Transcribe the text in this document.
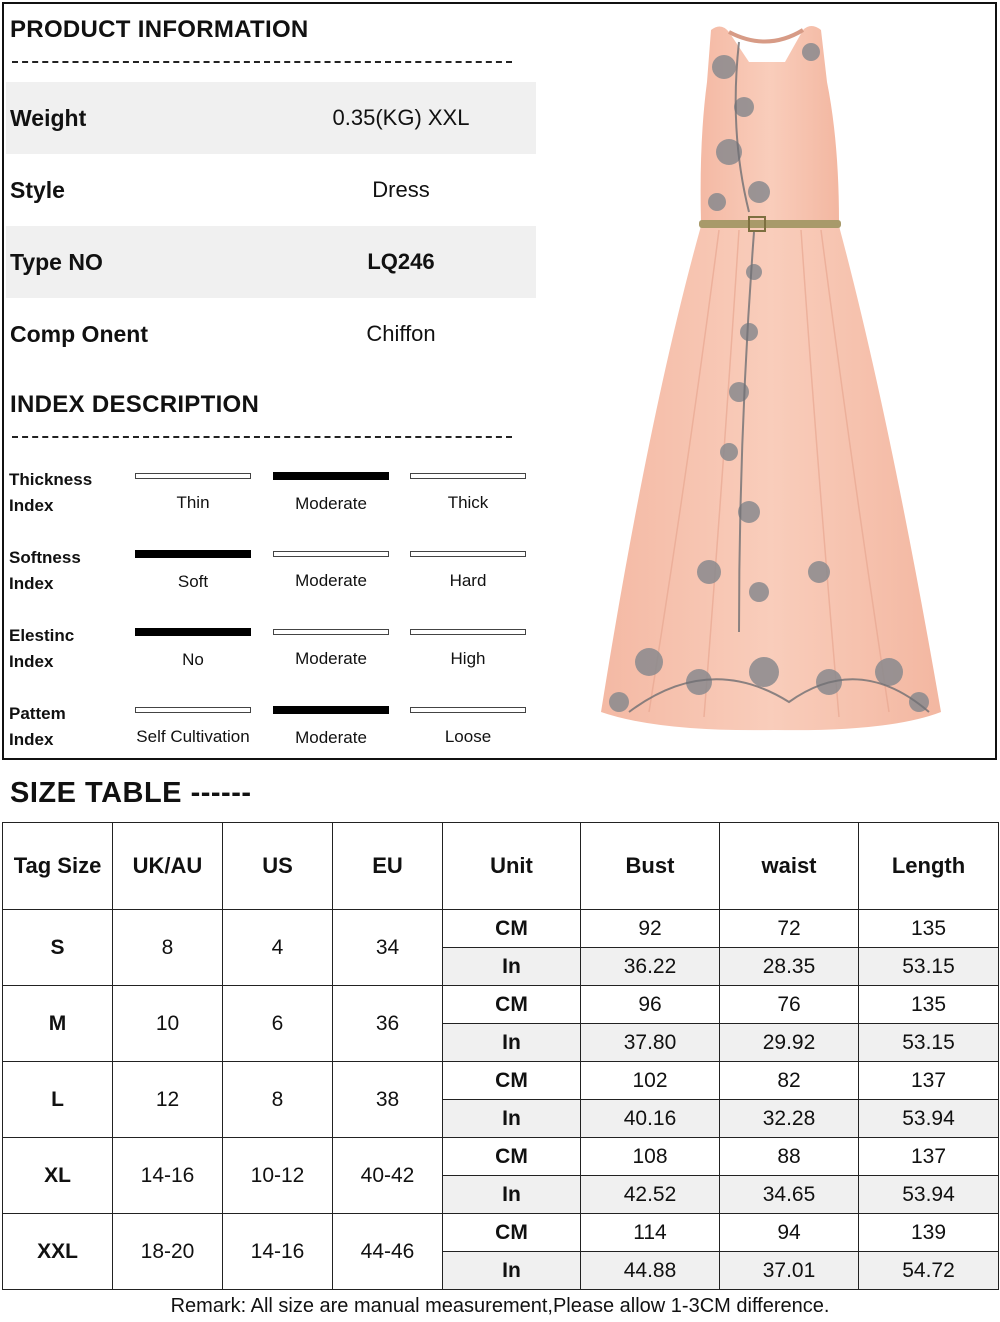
PRODUCT INFORMATION
Weight	0.35(KG) XXL
Style	Dress
Type NO	LQ246
Comp Onent	Chiffon
INDEX DESCRIPTION
Thickness
Index	Thin	Moderate	Thick
Softness
Index	Soft	Moderate	Hard
Elestinc
Index	No	Moderate	High
Pattem
Index	Self Cultivation	Moderate	Loose
SIZE TABLE ------
Tag Size	UK/AU	US	EU	Unit	Bust	waist	Length
S	8	4	34	CM	92	72	135
				In	36.22	28.35	53.15
M	10	6	36	CM	96	76	135
				In	37.80	29.92	53.15
L	12	8	38	CM	102	82	137
				In	40.16	32.28	53.94
XL	14-16	10-12	40-42	CM	108	88	137
				In	42.52	34.65	53.94
XXL	18-20	14-16	44-46	CM	114	94	139
				In	44.88	37.01	54.72
Remark: All size are manual measurement,Please allow 1-3CM difference.
